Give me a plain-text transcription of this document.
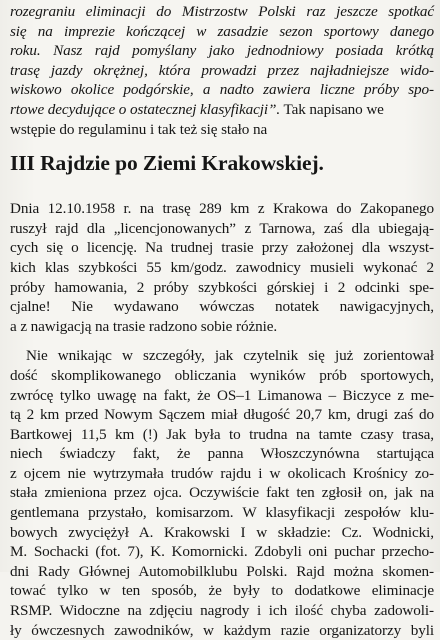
rozegraniu eliminacji do Mistrzostw Polski raz jeszcze spotkać
się na imprezie kończącej w zasadzie sezon sportowy danego
roku. Nasz rajd pomyślany jako jednodniowy posiada krótką
trasę jazdy okrężnej, która prowadzi przez najładniejsze wido-
wiskowo okolice podgórskie, a nadto zawiera liczne próby spo-
rtowe decydujące o ostatecznej klasyfikacji”. Tak napisano we
wstępie do regulaminu i tak też się stało na
III Rajdzie po Ziemi Krakowskiej.
Dnia 12.10.1958 r. na trasę 289 km z Krakowa do Zakopanego
ruszył rajd dla „licencjonowanych” z Tarnowa, zaś dla ubiegają-
cych się o licencję. Na trudnej trasie przy założonej dla wszyst-
kich klas szybkości 55 km/godz. zawodnicy musieli wykonać 2
próby hamowania, 2 próby szybkości górskiej i 2 odcinki spe-
cjalne! Nie wydawano wówczas notatek nawigacyjnych,
a z nawigacją na trasie radzono sobie różnie.
Nie wnikając w szczegóły, jak czytelnik się już zorientował
dość skomplikowanego obliczania wyników prób sportowych,
zwrócę tylko uwagę na fakt, że OS–1 Limanowa – Biczyce z me-
tą 2 km przed Nowym Sączem miał długość 20,7 km, drugi zaś do
Bartkowej 11,5 km (!) Jak była to trudna na tamte czasy trasa,
niech świadczy fakt, że panna Włoszczynówna startująca
z ojcem nie wytrzymała trudów rajdu i w okolicach Krośnicy zo-
stała zmieniona przez ojca. Oczywiście fakt ten zgłosił on, jak na
gentlemana przystało, komisarzom. W klasyfikacji zespołów klu-
bowych zwyciężył A. Krakowski I w składzie: Cz. Wodnicki,
M. Sochacki (fot. 7), K. Komornicki. Zdobyli oni puchar przecho-
dni Rady Głównej Automobilklubu Polski. Rajd można skomen-
tować tylko w ten sposób, że były to dodatkowe eliminacje
RSMP. Widoczne na zdjęciu nagrody i ich ilość chyba zadowoli-
ły ówczesnych zawodników, w każdym razie organizatorzy byli
